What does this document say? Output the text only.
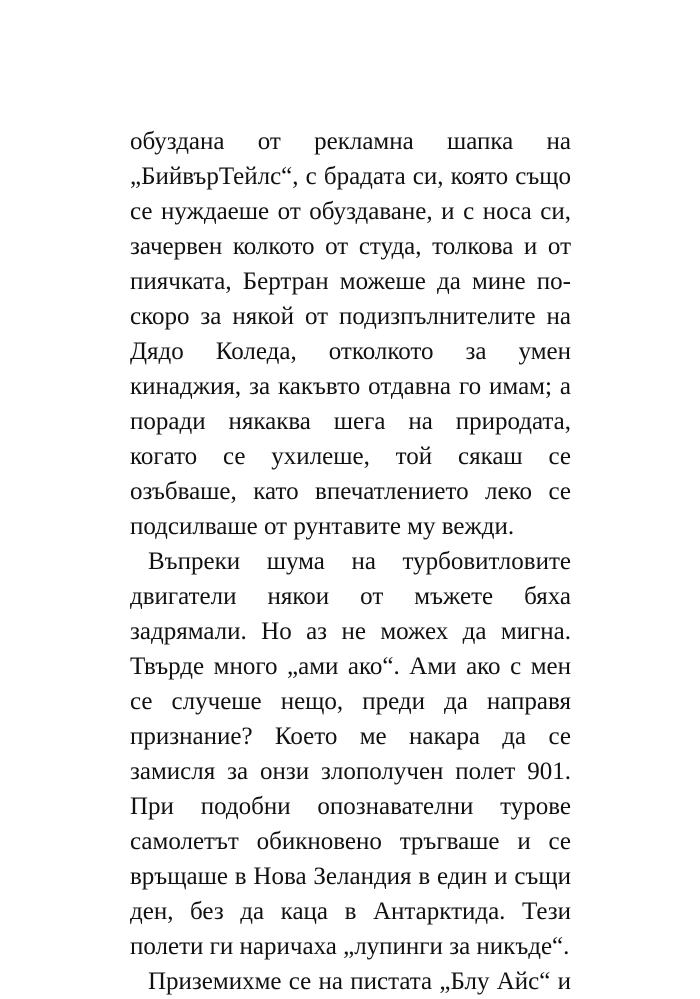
обуздана от рекламна шапка на
„БийвърТейлс“, с брадата си, която също
се нуждаеше от обуздаване, и с носа си,
зачервен колкото от студа, толкова и от
пиячката, Бертран можеше да мине по-
скоро за някой от подизпълнителите на
Дядо Коледа, отколкото за умен
кинаджия, за какъвто отдавна го имам; а
поради някаква шега на природата,
когато се ухилеше, той сякаш се
озъбваше, като впечатлението леко се
подсилваше от рунтавите му вежди.
Въпреки шума на турбовитловите
двигатели някои от мъжете бяха
задрямали. Но аз не можех да мигна.
Твърде много „ами ако“. Ами ако с мен
се случеше нещо, преди да направя
признание? Което ме накара да се
замисля за онзи злополучен полет 901.
При подобни опознавателни турове
самолетът обикновено тръгваше и се
връщаше в Нова Зеландия в един и същи
ден, без да каца в Антарктида. Тези
полети ги наричаха „лупинги за никъде“.
Приземихме се на пистата „Блу Айс“ и
